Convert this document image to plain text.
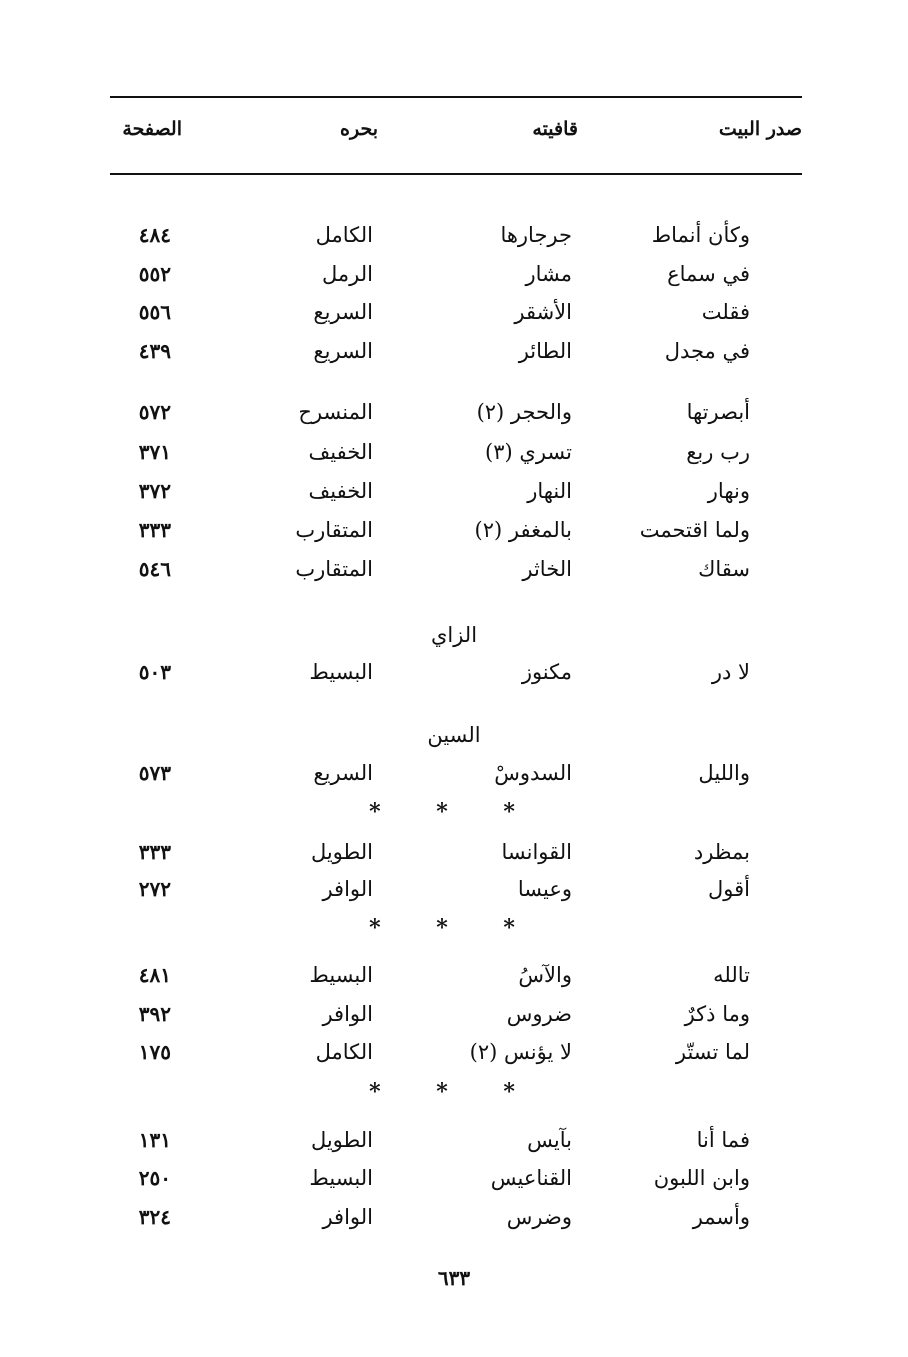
صدر البيت
قافيته
بحره
الصفحة
وكأن أنماط
جرجارها
الكامل
٤٨٤
في سماع
مشار
الرمل
٥٥٢
فقلت
الأشقر
السريع
٥٥٦
في مجدل
الطائر
السريع
٤٣٩
أبصرتها
والحجر (٢)
المنسرح
٥٧٢
رب ربع
تسري (٣)
الخفيف
٣٧١
ونهار
النهار
الخفيف
٣٧٢
ولما اقتحمت
بالمغفر (٢)
المتقارب
٣٣٣
سقاك
الخاثر
المتقارب
٥٤٦
الزاي
لا در
مكنوز
البسيط
٥٠٣
السين
والليل
السدوسْ
السريع
٥٧٣
* * *
بمظرد
القوانسا
الطويل
٣٣٣
أقول
وعيسا
الوافر
٢٧٢
* * *
تالله
والآسُ
البسيط
٤٨١
وما ذكرٌ
ضروس
الوافر
٣٩٢
لما تستّر
لا يؤنس (٢)
الكامل
١٧٥
* * *
فما أنا
بآيس
الطويل
١٣١
وابن اللبون
القناعيس
البسيط
٢٥٠
وأسمر
وضرس
الوافر
٣٢٤
٦٣٣
